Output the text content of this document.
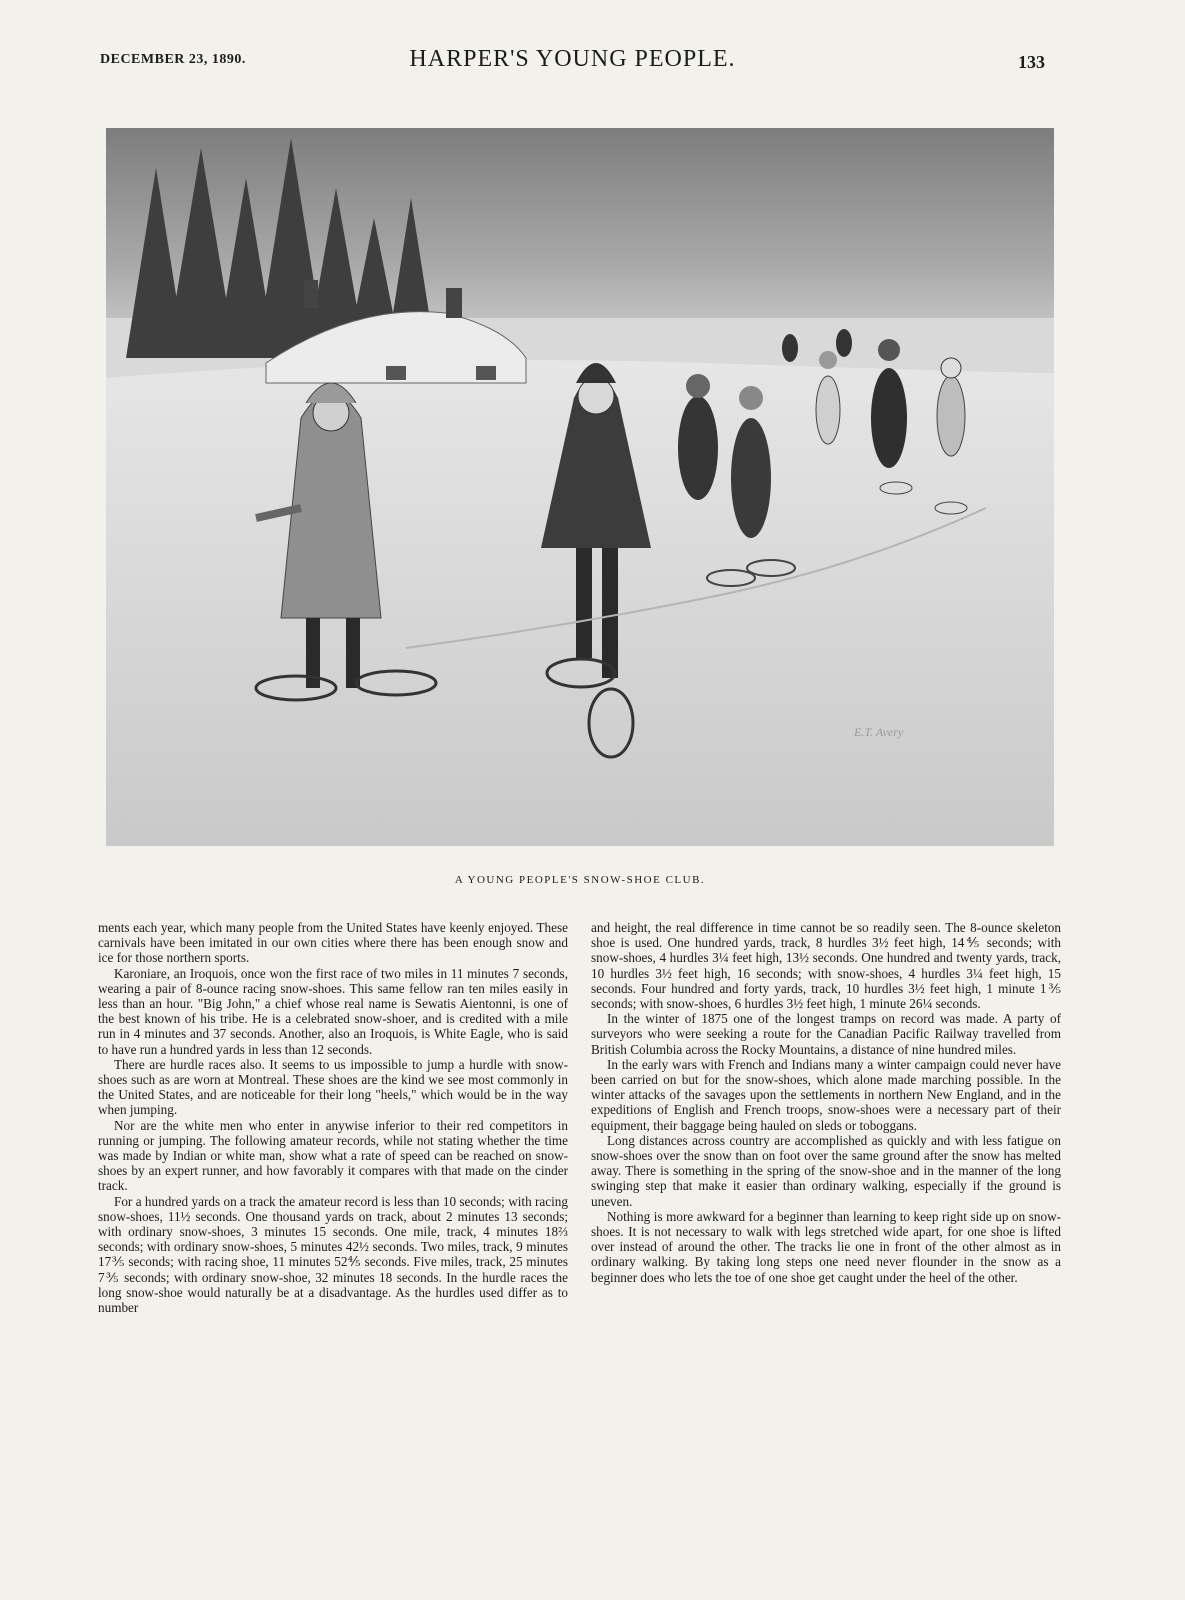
DECEMBER 23, 1890.	HARPER'S YOUNG PEOPLE.	133
E.T. Avery
A YOUNG PEOPLE'S SNOW-SHOE CLUB.

ments each year, which many people from the United States have keenly enjoyed. These carnivals have been imitated in our own cities where there has been enough snow and ice for those northern sports.

Karoniare, an Iroquois, once won the first race of two miles in 11 minutes 7 seconds, wearing a pair of 8-ounce racing snow-shoes. This same fellow ran ten miles easily in less than an hour. "Big John," a chief whose real name is Sewatis Aientonni, is one of the best known of his tribe. He is a celebrated snow-shoer, and is credited with a mile run in 4 minutes and 37 seconds. Another, also an Iroquois, is White Eagle, who is said to have run a hundred yards in less than 12 seconds.

There are hurdle races also. It seems to us impossible to jump a hurdle with snow-shoes such as are worn at Montreal. These shoes are the kind we see most commonly in the United States, and are noticeable for their long "heels," which would be in the way when jumping.

Nor are the white men who enter in anywise inferior to their red competitors in running or jumping. The following amateur records, while not stating whether the time was made by Indian or white man, show what a rate of speed can be reached on snow-shoes by an expert runner, and how favorably it compares with that made on the cinder track.

For a hundred yards on a track the amateur record is less than 10 seconds; with racing snow-shoes, 11½ seconds. One thousand yards on track, about 2 minutes 13 seconds; with ordinary snow-shoes, 3 minutes 15 seconds. One mile, track, 4 minutes 18⅔ seconds; with ordinary snow-shoes, 5 minutes 42½ seconds. Two miles, track, 9 minutes 17⅗ seconds; with racing shoe, 11 minutes 52⅘ seconds. Five miles, track, 25 minutes 7⅗ seconds; with ordinary snow-shoe, 32 minutes 18 seconds. In the hurdle races the long snow-shoe would naturally be at a disadvantage. As the hurdles used differ as to number

and height, the real difference in time cannot be so readily seen. The 8-ounce skeleton shoe is used. One hundred yards, track, 8 hurdles 3½ feet high, 14⅘ seconds; with snow-shoes, 4 hurdles 3¼ feet high, 13½ seconds. One hundred and twenty yards, track, 10 hurdles 3½ feet high, 16 seconds; with snow-shoes, 4 hurdles 3¼ feet high, 15 seconds. Four hundred and forty yards, track, 10 hurdles 3½ feet high, 1 minute 1⅗ seconds; with snow-shoes, 6 hurdles 3½ feet high, 1 minute 26¼ seconds.

In the winter of 1875 one of the longest tramps on record was made. A party of surveyors who were seeking a route for the Canadian Pacific Railway travelled from British Columbia across the Rocky Mountains, a distance of nine hundred miles.

In the early wars with French and Indians many a winter campaign could never have been carried on but for the snow-shoes, which alone made marching possible. In the winter attacks of the savages upon the settlements in northern New England, and in the expeditions of English and French troops, snow-shoes were a necessary part of their equipment, their baggage being hauled on sleds or toboggans.

Long distances across country are accomplished as quickly and with less fatigue on snow-shoes over the snow than on foot over the same ground after the snow has melted away. There is something in the spring of the snow-shoe and in the manner of the long swinging step that make it easier than ordinary walking, especially if the ground is uneven.

Nothing is more awkward for a beginner than learning to keep right side up on snow-shoes. It is not necessary to walk with legs stretched wide apart, for one shoe is lifted over instead of around the other. The tracks lie one in front of the other almost as in ordinary walking. By taking long steps one need never flounder in the snow as a beginner does who lets the toe of one shoe get caught under the heel of the other.
